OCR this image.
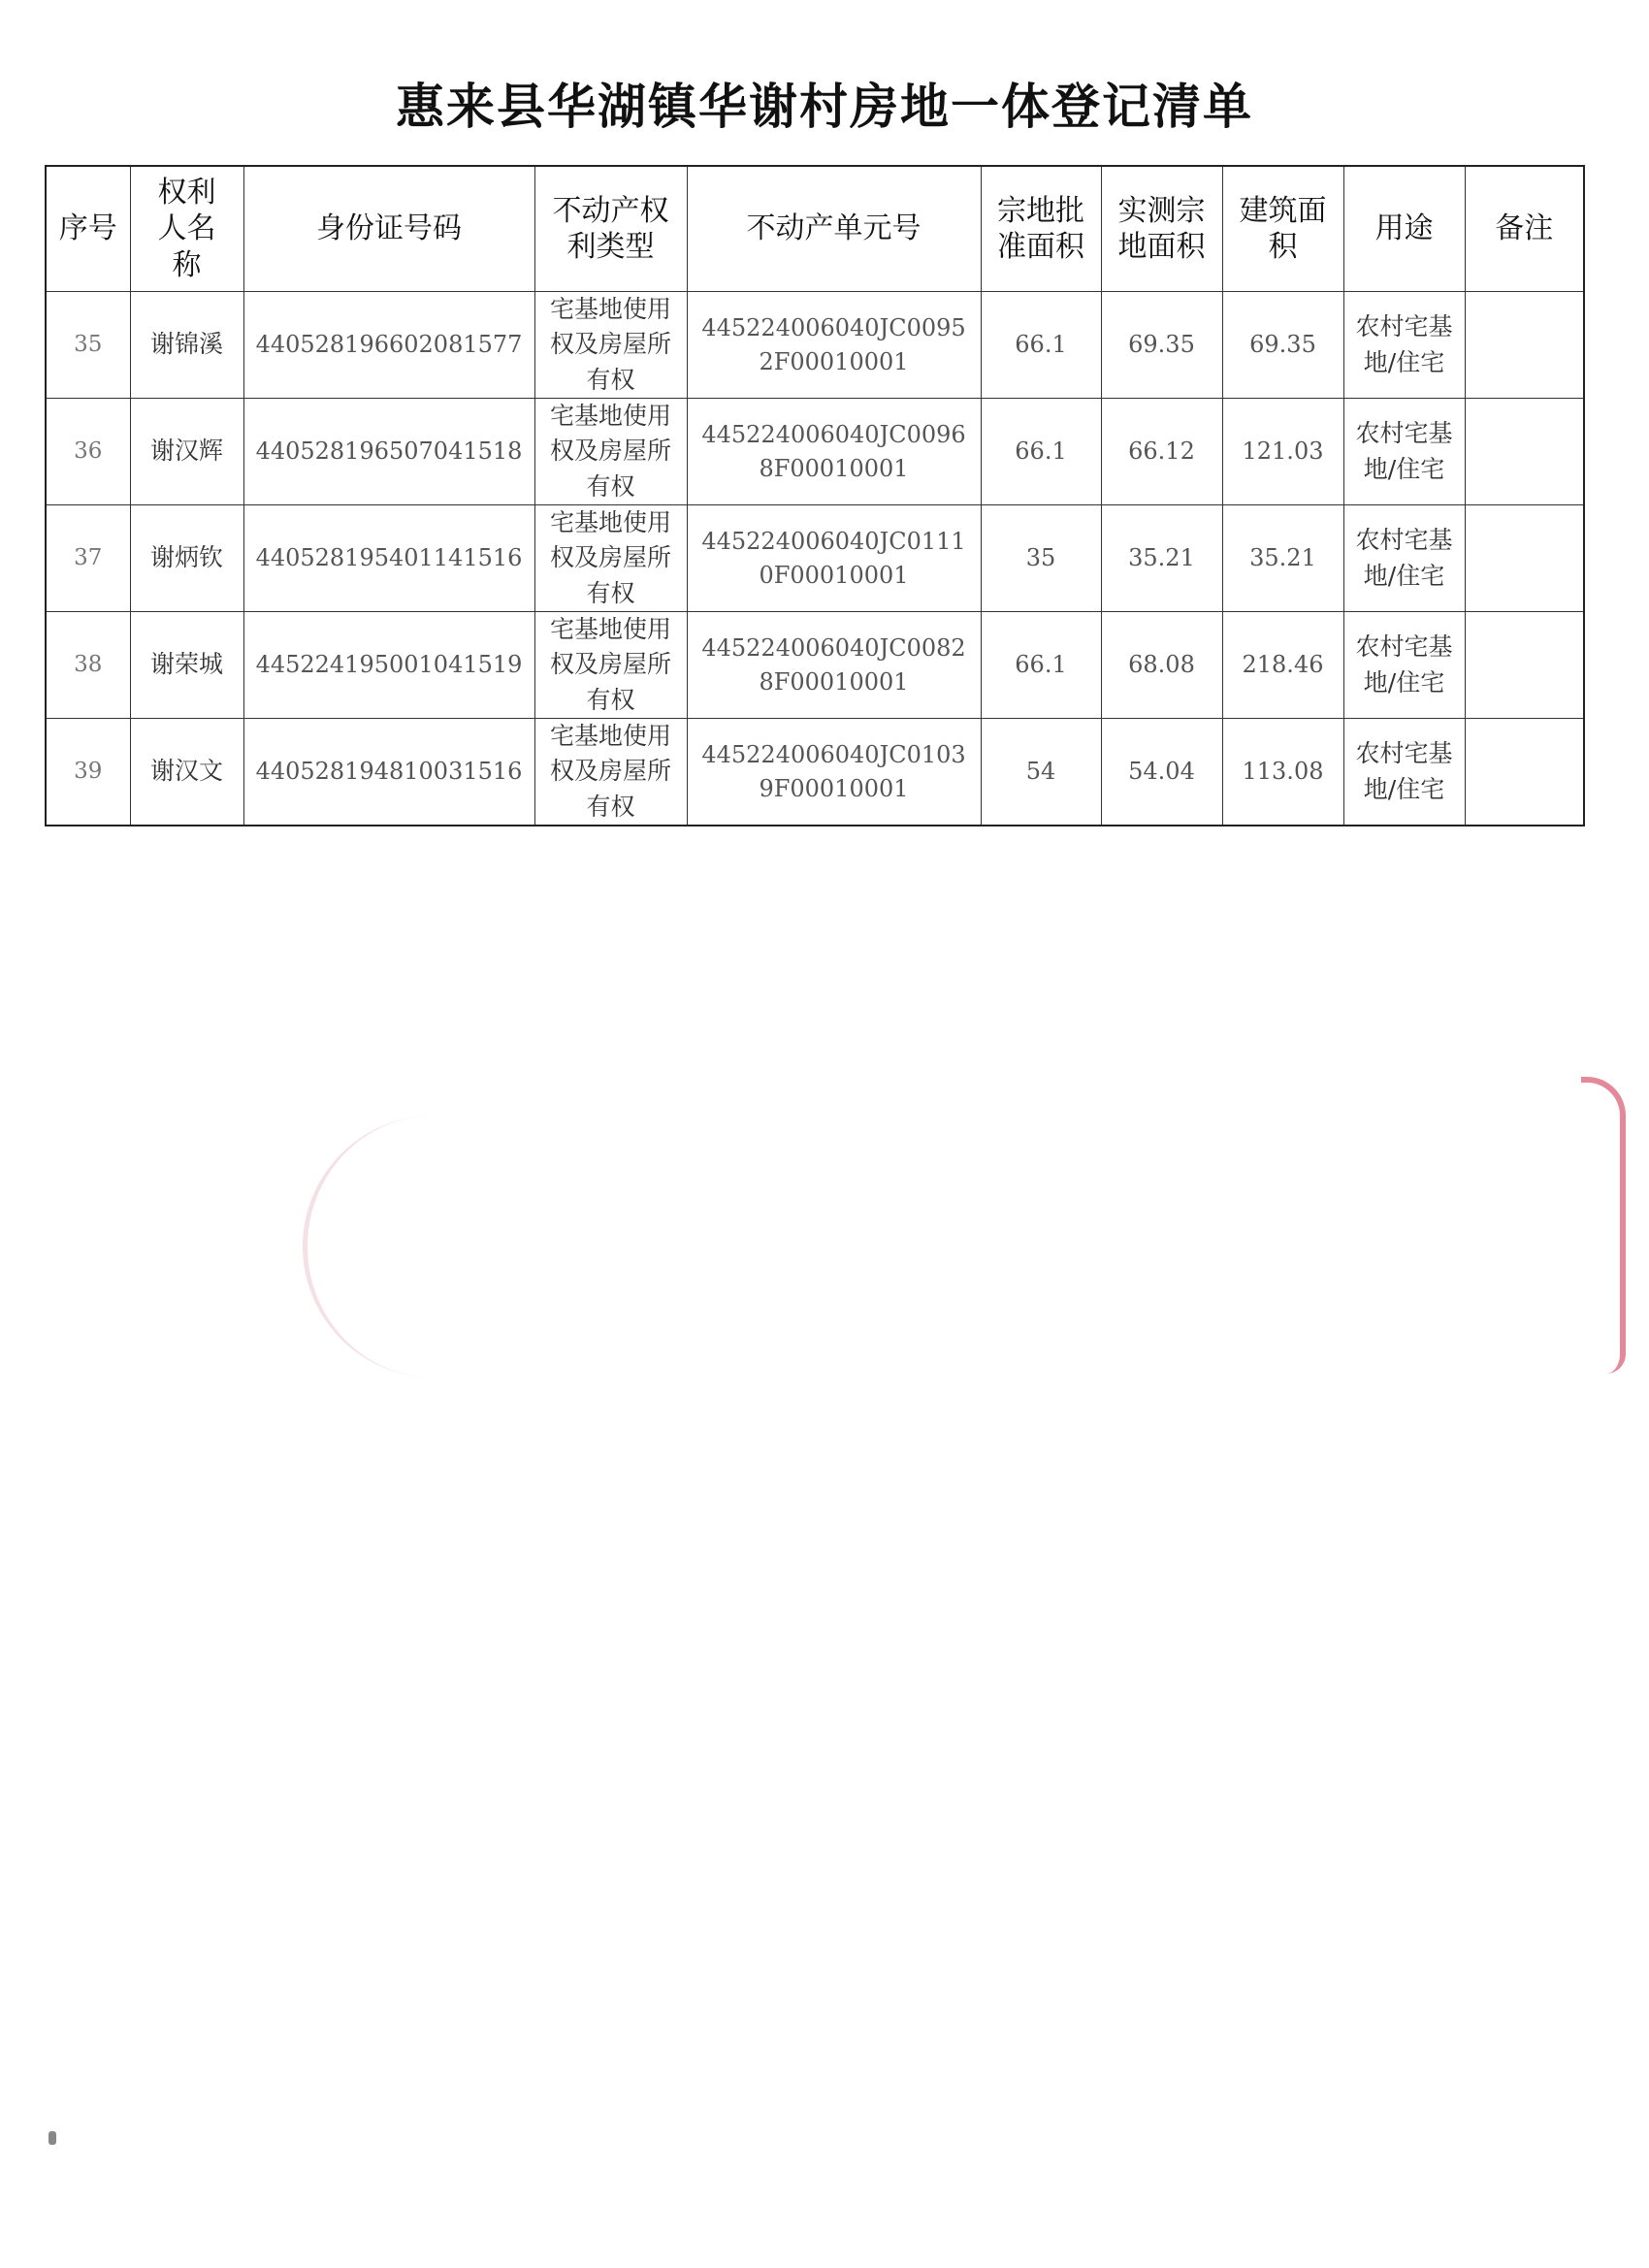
惠来县华湖镇华谢村房地一体登记清单
序号	权利人名称	身份证号码	不动产权利类型	不动产单元号	宗地批准面积	实测宗地面积	建筑面积	用途	备注
35	谢锦溪	440528196602081577	宅基地使用权及房屋所有权	445224006040JC00952F00010001	66.1	69.35	69.35	农村宅基地/住宅	
36	谢汉辉	440528196507041518	宅基地使用权及房屋所有权	445224006040JC00968F00010001	66.1	66.12	121.03	农村宅基地/住宅	
37	谢炳钦	440528195401141516	宅基地使用权及房屋所有权	445224006040JC01110F00010001	35	35.21	35.21	农村宅基地/住宅	
38	谢荣城	445224195001041519	宅基地使用权及房屋所有权	445224006040JC00828F00010001	66.1	68.08	218.46	农村宅基地/住宅	
39	谢汉文	440528194810031516	宅基地使用权及房屋所有权	445224006040JC01039F00010001	54	54.04	113.08	农村宅基地/住宅	
